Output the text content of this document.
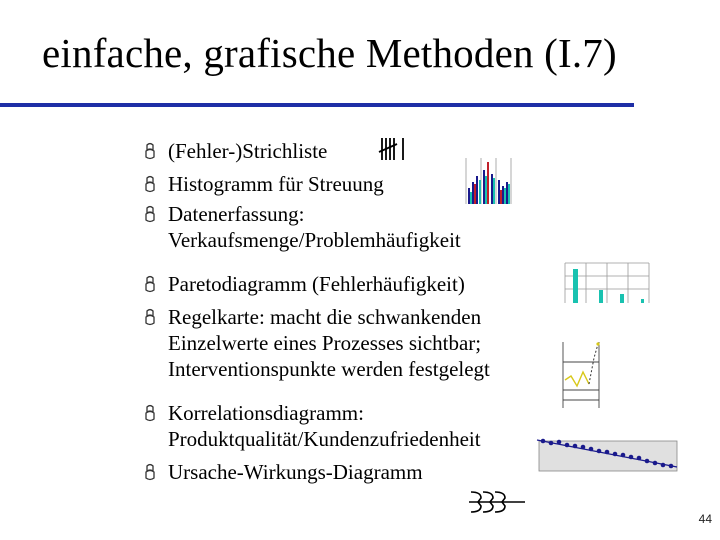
einfache, grafische Methoden (I.7)
(Fehler-)Strichliste
Histogramm für Streuung
Datenerfassung:
Verkaufsmenge/Problemhäufigkeit
Paretodiagramm (Fehlerhäufigkeit)
Regelkarte: macht die schwankenden
Einzelwerte eines Prozesses sichtbar;
Interventionspunkte werden festgelegt
Korrelationsdiagramm:
Produktqualität/Kundenzufriedenheit
Ursache-Wirkungs-Diagramm
44
